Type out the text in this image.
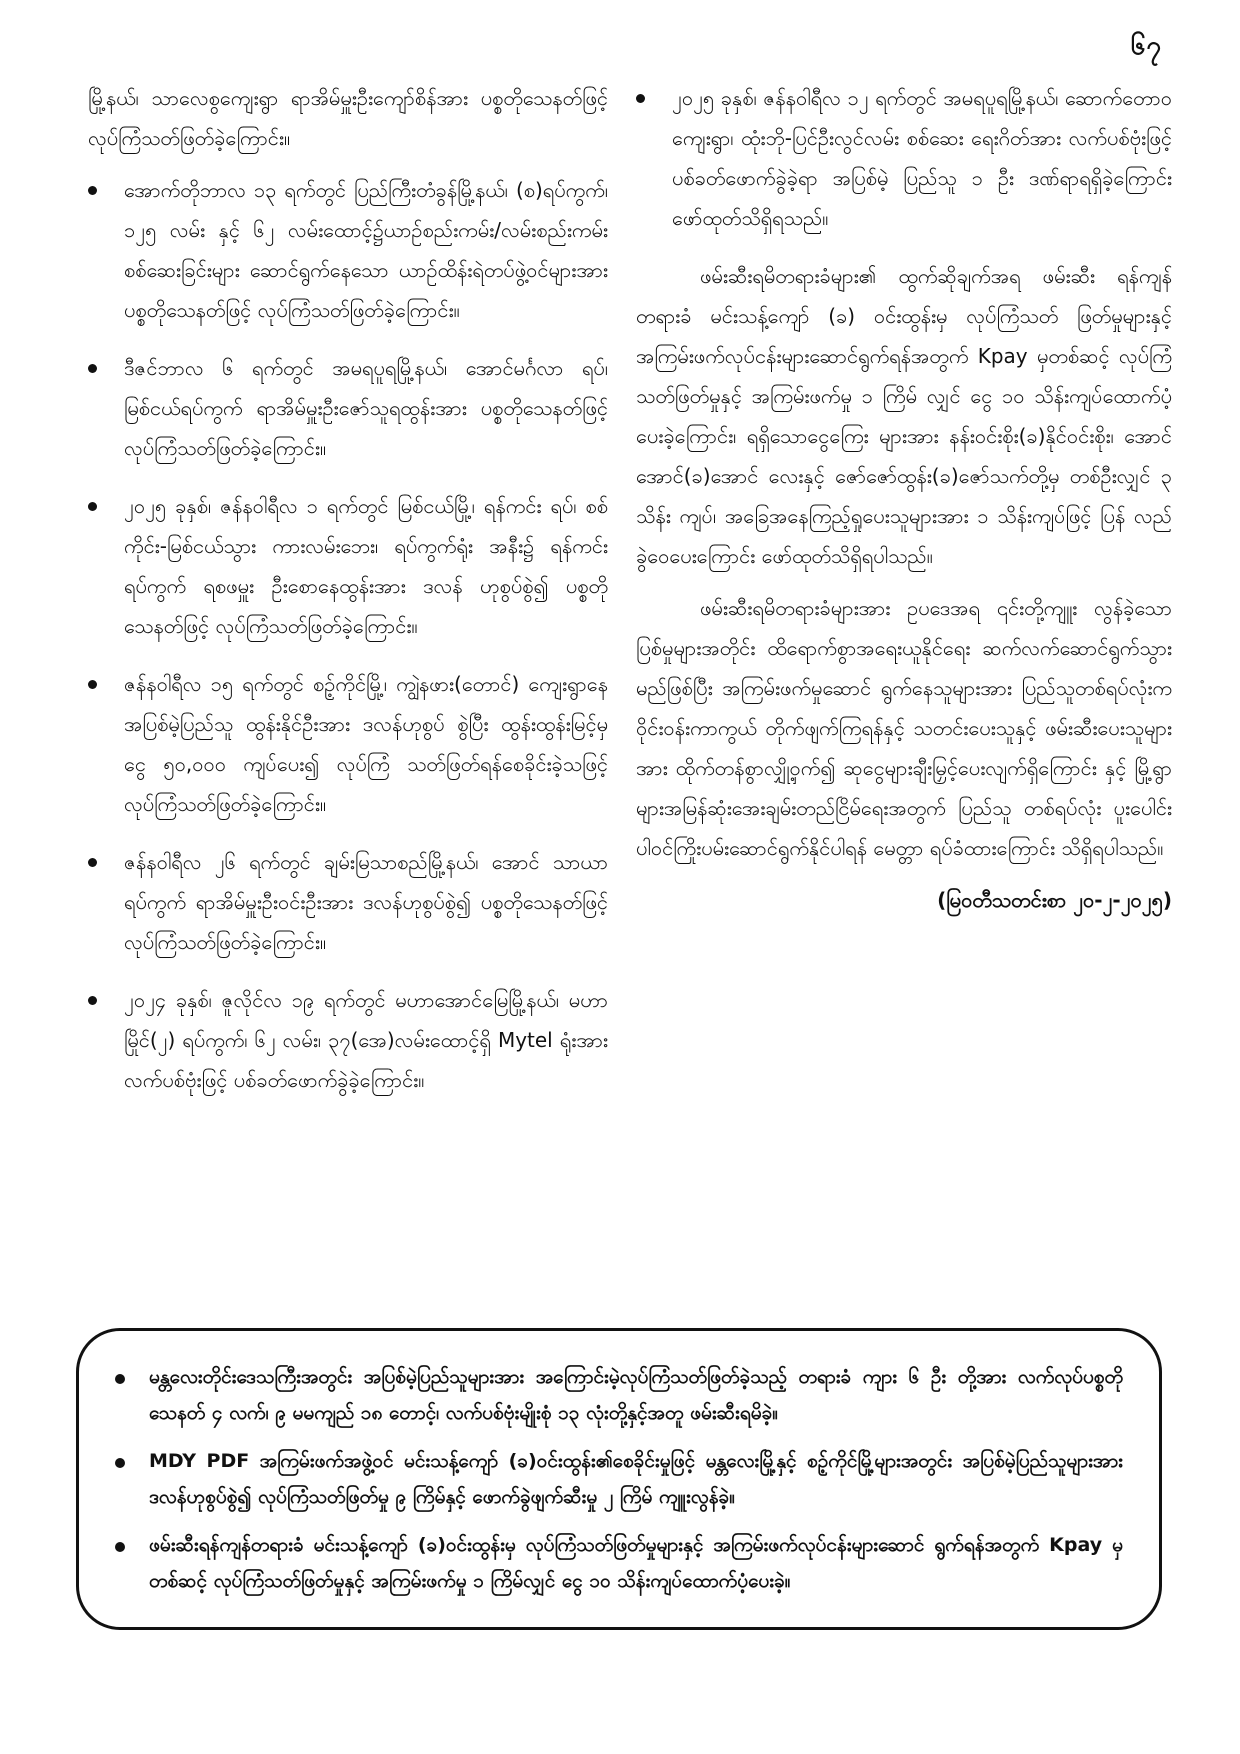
၆၇

မြို့နယ်၊ သာလေစွကျေးရွာ ရာအိမ်မှူးဦးကျော်စိန်အား ပစ္စတိုသေနတ်ဖြင့် လုပ်ကြံသတ်ဖြတ်ခဲ့ကြောင်း။

အောက်တိုဘာလ ၁၃ ရက်တွင် ပြည်ကြီးတံခွန်မြို့နယ်၊ (စ)ရပ်ကွက်၊ ၁၂၅ လမ်း နှင့် ၆၂ လမ်းထောင့်၌ယာဉ်စည်းကမ်း/လမ်းစည်းကမ်းစစ်ဆေးခြင်းများ ဆောင်ရွက်နေသော ယာဉ်ထိန်းရဲတပ်ဖွဲ့ဝင်များအား ပစ္စတိုသေနတ်ဖြင့် လုပ်ကြံသတ်ဖြတ်ခဲ့ကြောင်း။
ဒီဇင်ဘာလ ၆ ရက်တွင် အမရပူရမြို့နယ်၊ အောင်မင်္ဂလာ ရပ်၊ မြစ်ငယ်ရပ်ကွက် ရာအိမ်မှူးဦးဇော်သူရထွန်းအား ပစ္စတိုသေနတ်ဖြင့် လုပ်ကြံသတ်ဖြတ်ခဲ့ကြောင်း။
၂၀၂၅ ခုနှစ်၊ ဇန်နဝါရီလ ၁ ရက်တွင် မြစ်ငယ်မြို့၊ ရန်ကင်း ရပ်၊ စစ်ကိုင်း-မြစ်ငယ်သွား ကားလမ်းဘေး၊ ရပ်ကွက်ရုံး အနီး၌ ရန်ကင်းရပ်ကွက် ရစဖမှူး ဦးစောနေထွန်းအား ဒလန် ဟုစွပ်စွဲ၍ ပစ္စတိုသေနတ်ဖြင့် လုပ်ကြံသတ်ဖြတ်ခဲ့ကြောင်း။
ဇန်နဝါရီလ ၁၅ ရက်တွင် စဉ့်ကိုင်မြို့၊ ကျွဲနဖား(တောင်) ကျေးရွာနေ အပြစ်မဲ့ပြည်သူ ထွန်းနိုင်ဦးအား ဒလန်ဟုစွပ် စွဲပြီး ထွန်းထွန်းမြင့်မှ ငွေ ၅၀,၀၀၀ ကျပ်ပေး၍ လုပ်ကြံ သတ်ဖြတ်ရန်စေခိုင်းခဲ့သဖြင့် လုပ်ကြံသတ်ဖြတ်ခဲ့ကြောင်း။
ဇန်နဝါရီလ ၂၆ ရက်တွင် ချမ်းမြသာစည်မြို့နယ်၊ အောင် သာယာရပ်ကွက် ရာအိမ်မှူးဦးဝင်းဦးအား ဒလန်ဟုစွပ်စွဲ၍ ပစ္စတိုသေနတ်ဖြင့် လုပ်ကြံသတ်ဖြတ်ခဲ့ကြောင်း။
၂၀၂၄ ခုနှစ်၊ ဇူလိုင်လ ၁၉ ရက်တွင် မဟာအောင်မြေမြို့နယ်၊ မဟာမြိုင်(၂) ရပ်ကွက်၊ ၆၂ လမ်း၊ ၃၇(အေ)လမ်းထောင့်ရှိ Mytel ရုံးအား လက်ပစ်ဗုံးဖြင့် ပစ်ခတ်ဖောက်ခွဲခဲ့ကြောင်း။
၂၀၂၅ ခုနှစ်၊ ဇန်နဝါရီလ ၁၂ ရက်တွင် အမရပူရမြို့နယ်၊ ဆောက်တောဝကျေးရွာ၊ ထုံးဘို-ပြင်ဦးလွင်လမ်း စစ်ဆေး ရေးဂိတ်အား လက်ပစ်ဗုံးဖြင့် ပစ်ခတ်ဖောက်ခွဲခဲ့ရာ အပြစ်မဲ့ ပြည်သူ ၁ ဦး ဒဏ်ရာရရှိခဲ့ကြောင်း ဖော်ထုတ်သိရှိရသည်။

ဖမ်းဆီးရမိတရားခံများ၏ ထွက်ဆိုချက်အရ ဖမ်းဆီး ရန်ကျန်တရားခံ မင်းသန့်ကျော် (ခ) ဝင်းထွန်းမှ လုပ်ကြံသတ် ဖြတ်မှုများနှင့် အကြမ်းဖက်လုပ်ငန်းများဆောင်ရွက်ရန်အတွက် Kpay မှတစ်ဆင့် လုပ်ကြံသတ်ဖြတ်မှုနှင့် အကြမ်းဖက်မှု ၁ ကြိမ် လျှင် ငွေ ၁၀ သိန်းကျပ်ထောက်ပံ့ပေးခဲ့ကြောင်း၊ ရရှိသောငွေကြေး များအား နန်းဝင်းစိုး(ခ)နိုင်ဝင်းစိုး၊ အောင်အောင်(ခ)အောင် လေးနှင့် ဇော်ဇော်ထွန်း(ခ)ဇော်သက်တို့မှ တစ်ဦးလျှင် ၃ သိန်း ကျပ်၊ အခြေအနေကြည့်ရှုပေးသူများအား ၁ သိန်းကျပ်ဖြင့် ပြန် လည်ခွဲဝေပေးကြောင်း ဖော်ထုတ်သိရှိရပါသည်။

ဖမ်းဆီးရမိတရားခံများအား ဥပဒေအရ ၎င်းတို့ကျူး လွန်ခဲ့သောပြစ်မှုများအတိုင်း ထိရောက်စွာအရေးယူနိုင်ရေး ဆက်လက်ဆောင်ရွက်သွားမည်ဖြစ်ပြီး အကြမ်းဖက်မှုဆောင် ရွက်နေသူများအား ပြည်သူတစ်ရပ်လုံးက ဝိုင်းဝန်းကာကွယ် တိုက်ဖျက်ကြရန်နှင့် သတင်းပေးသူနှင့် ဖမ်းဆီးပေးသူများအား ထိုက်တန်စွာလျှို့ဝှက်၍ ဆုငွေများချီးမြှင့်ပေးလျက်ရှိကြောင်း နှင့် မြို့ရွာများအမြန်ဆုံးအေးချမ်းတည်ငြိမ်ရေးအတွက် ပြည်သူ တစ်ရပ်လုံး ပူးပေါင်းပါဝင်ကြိုးပမ်းဆောင်ရွက်နိုင်ပါရန် မေတ္တာ ရပ်ခံထားကြောင်း သိရှိရပါသည်။

(မြဝတီသတင်းစာ ၂၀-၂-၂၀၂၅)
မန္တလေးတိုင်းဒေသကြီးအတွင်း အပြစ်မဲ့ပြည်သူများအား အကြောင်းမဲ့လုပ်ကြံသတ်ဖြတ်ခဲ့သည့် တရားခံ ကျား ၆ ဦး တို့အား လက်လုပ်ပစ္စတိုသေနတ် ၄ လက်၊ ၉ မမကျည် ၁၈ တောင့်၊ လက်ပစ်ဗုံးမျိုးစုံ ၁၃ လုံးတို့နှင့်အတူ ဖမ်းဆီးရမိခဲ့။
MDY PDF အကြမ်းဖက်အဖွဲ့ဝင် မင်းသန့်ကျော် (ခ)ဝင်းထွန်း၏စေခိုင်းမှုဖြင့် မန္တလေးမြို့နှင့် စဉ့်ကိုင်မြို့များအတွင်း အပြစ်မဲ့ပြည်သူများအား ဒလန်ဟုစွပ်စွဲ၍ လုပ်ကြံသတ်ဖြတ်မှု ၉ ကြိမ်နှင့် ဖောက်ခွဲဖျက်ဆီးမှု ၂ ကြိမ် ကျူးလွန်ခဲ့။
ဖမ်းဆီးရန်ကျန်တရားခံ မင်းသန့်ကျော် (ခ)ဝင်းထွန်းမှ လုပ်ကြံသတ်ဖြတ်မှုများနှင့် အကြမ်းဖက်လုပ်ငန်းများဆောင် ရွက်ရန်အတွက် Kpay မှတစ်ဆင့် လုပ်ကြံသတ်ဖြတ်မှုနှင့် အကြမ်းဖက်မှု ၁ ကြိမ်လျှင် ငွေ ၁၀ သိန်းကျပ်ထောက်ပံ့ပေးခဲ့။
